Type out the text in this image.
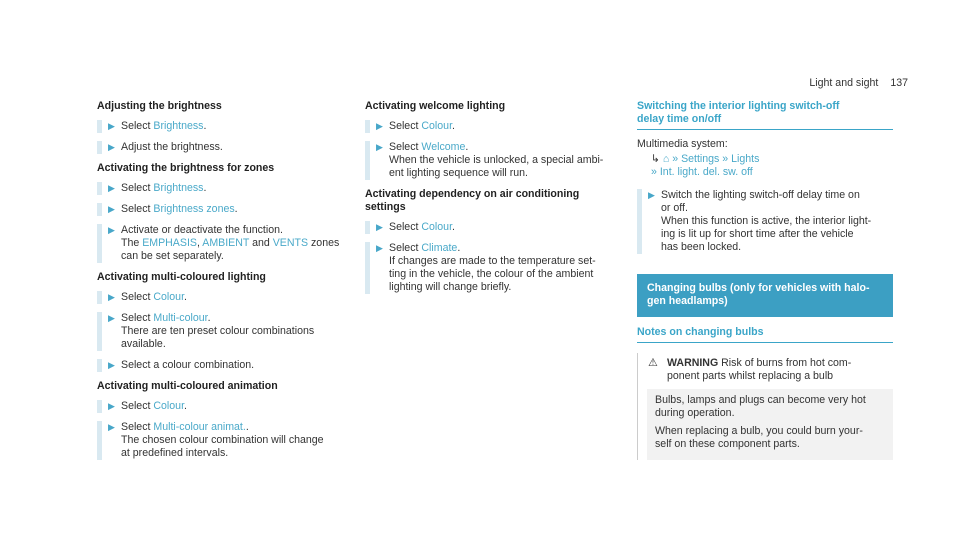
Light and sight 137
Adjusting the brightness
▶ Select Brightness.
▶ Adjust the brightness.
Activating the brightness for zones
▶ Select Brightness.
▶ Select Brightness zones.
▶ Activate or deactivate the function.
The EMPHASIS, AMBIENT and VENTS zones
can be set separately.
Activating multi-coloured lighting
▶ Select Colour.
▶ Select Multi-colour.
There are ten preset colour combinations
available.
▶ Select a colour combination.
Activating multi-coloured animation
▶ Select Colour.
▶ Select Multi-colour animat..
The chosen colour combination will change
at predefined intervals.
Activating welcome lighting
▶ Select Colour.
▶ Select Welcome.
When the vehicle is unlocked, a special ambi-
ent lighting sequence will run.
Activating dependency on air conditioning
settings
▶ Select Colour.
▶ Select Climate.
If changes are made to the temperature set-
ting in the vehicle, the colour of the ambient
lighting will change briefly.
Switching the interior lighting switch-off
delay time on/off
Multimedia system:
↳ ⌂ » Settings » Lights
» Int. light. del. sw. off
▶ Switch the lighting switch-off delay time on
or off.
When this function is active, the interior light-
ing is lit up for short time after the vehicle
has been locked.
Changing bulbs (only for vehicles with halo-
gen headlamps)
Notes on changing bulbs
⚠ WARNING Risk of burns from hot com-
ponent parts whilst replacing a bulb

Bulbs, lamps and plugs can become very hot
during operation.

When replacing a bulb, you could burn your-
self on these component parts.
